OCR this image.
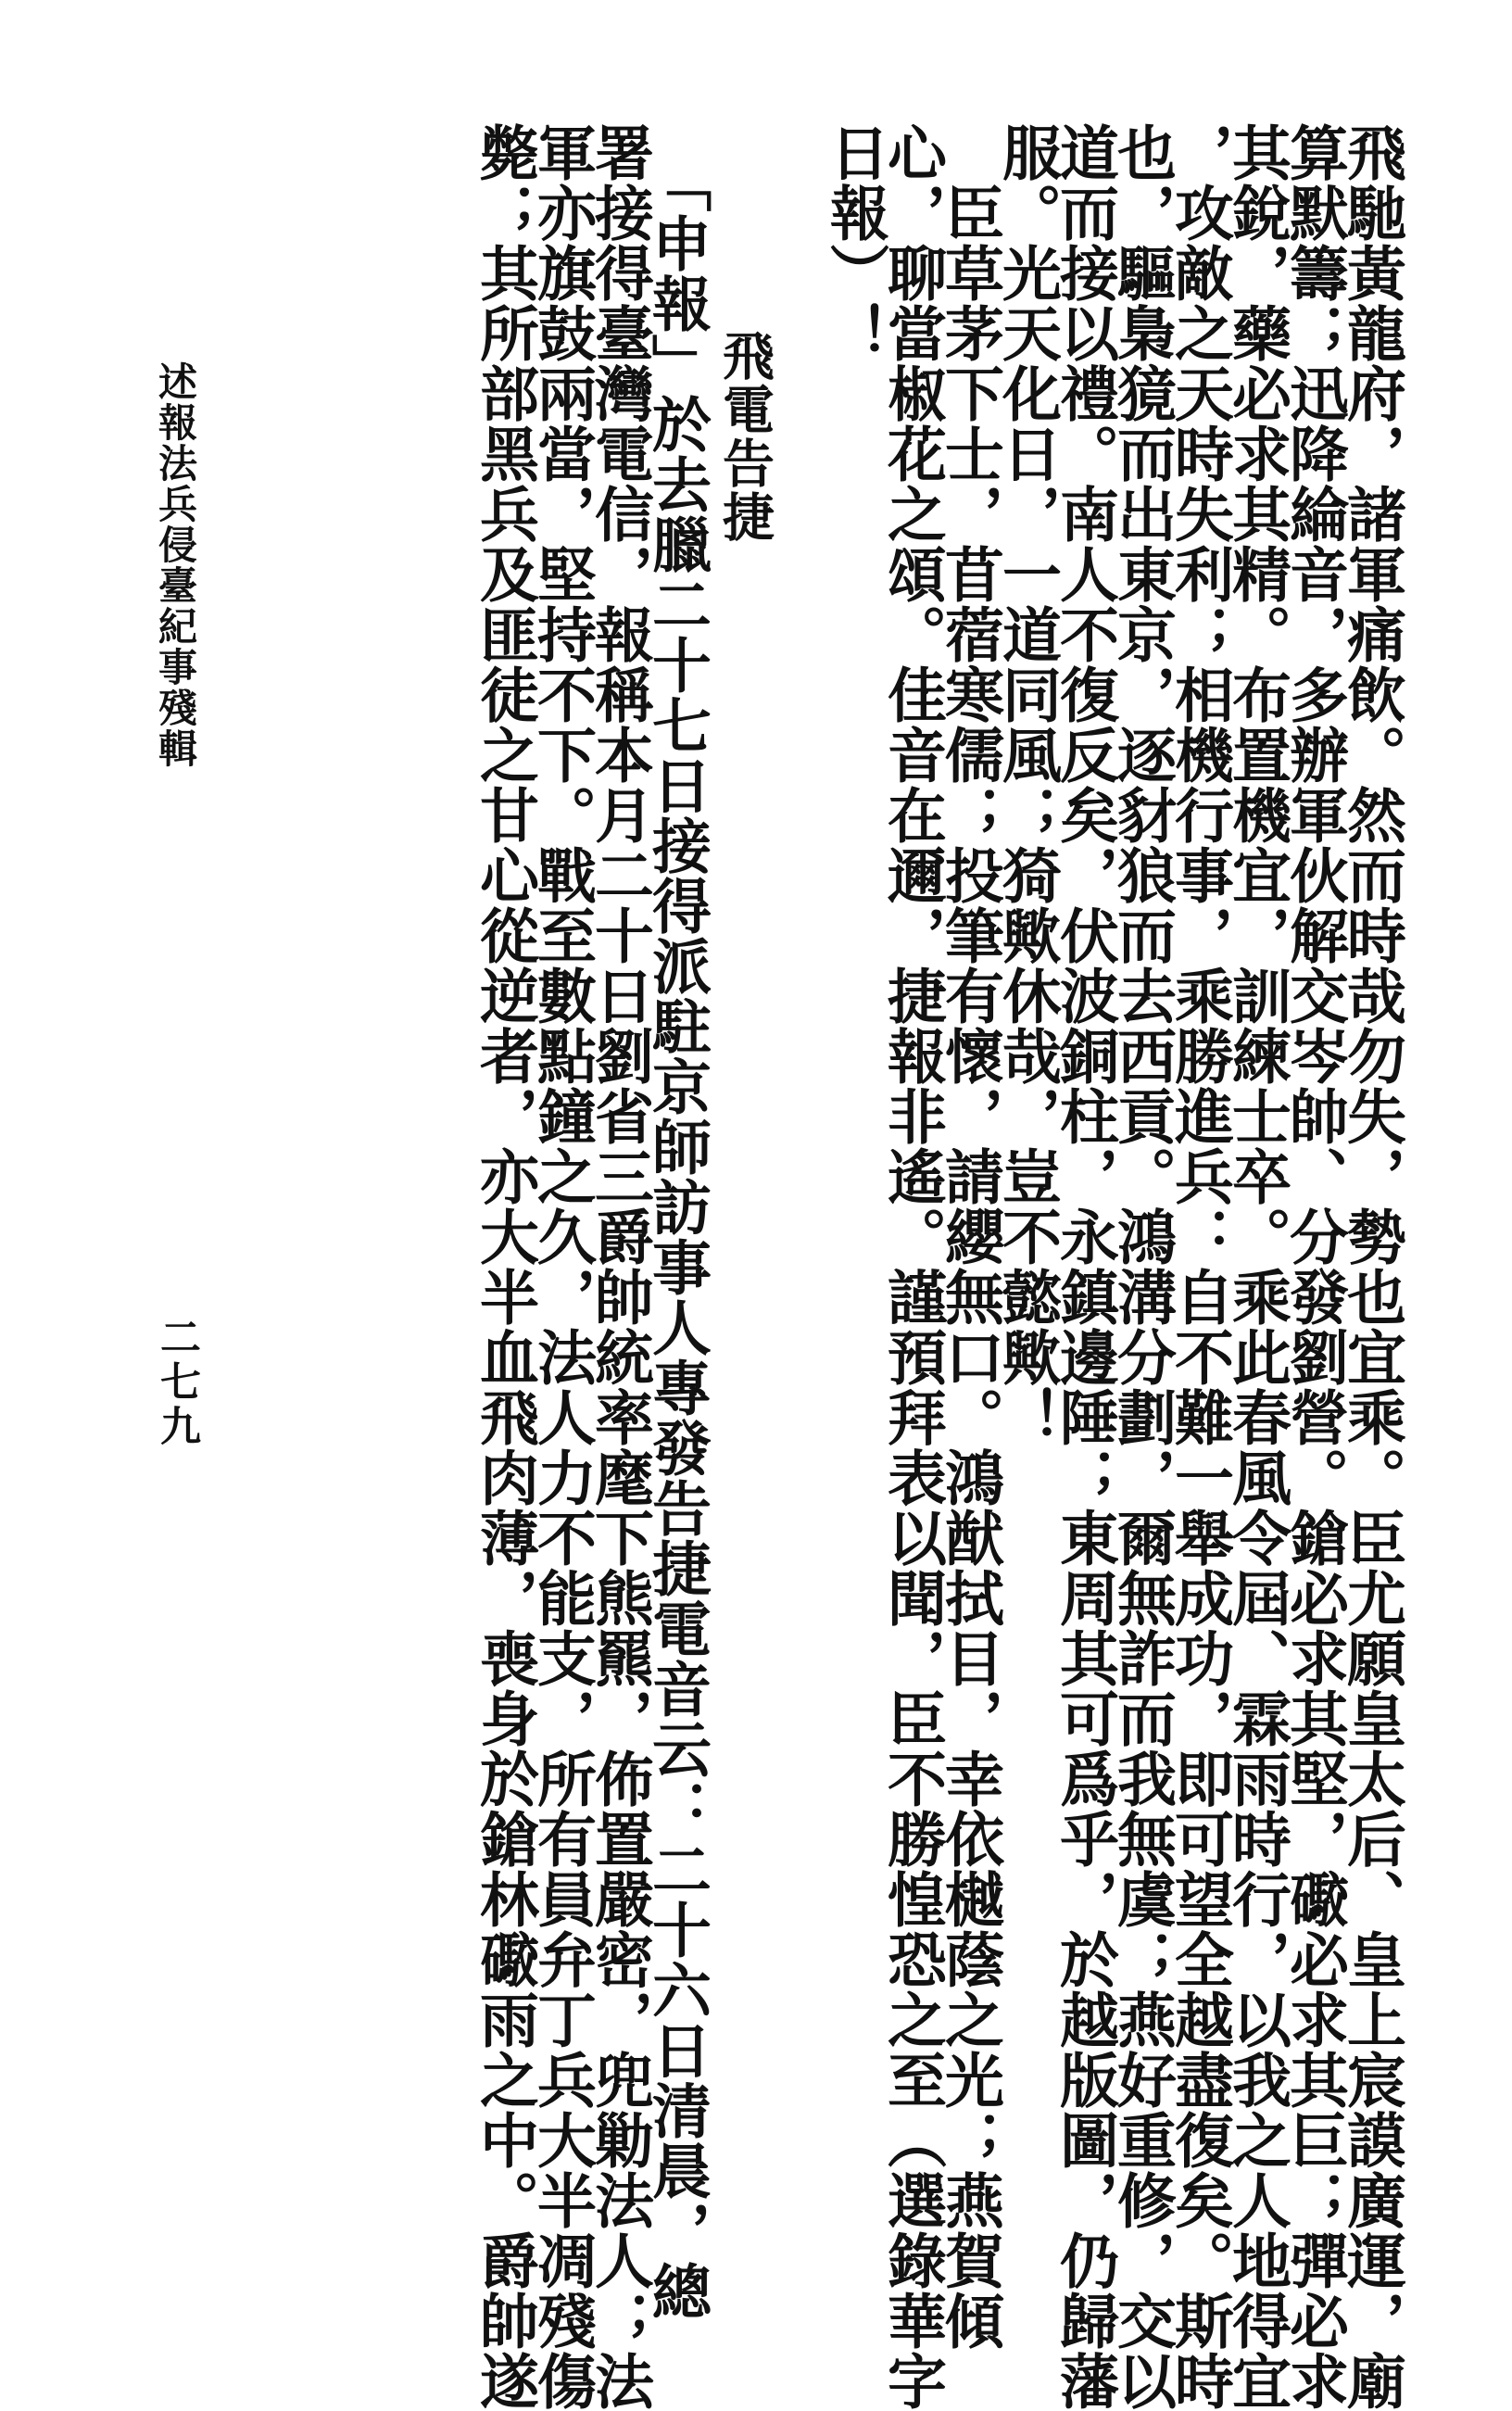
飛馳黃龍府，諸軍痛飲。然而時哉勿失，勢也宜乘。臣尤願皇太后、皇上宸謨廣運，廟
算默籌；迅降綸音，多辦軍伙解交岑帥、分發劉營。鎗必求其堅，礮必求其巨；彈必求
其銳，藥必求其精。布置機宜，訓練士卒。乘此春風令屆、霖雨時行，以我之人地得宜
，攻敵之天時失利；相機行事，乘勝進兵：自不難一舉成功，即可望全越盡復矣。斯時
也，驅梟獍而出東京，逐豺狼而去西貢。鴻溝分劃，爾無詐而我無虞；燕好重修，交以
道而接以禮。南人不復反矣，伏波銅柱，永鎮邊陲；東周其可爲乎，於越版圖，仍歸藩
服。光天化日，一道同風；猗歟休哉，豈不懿歟！
　臣草茅下士，苜蓿寒儒；投筆有懷，請纓無口。鴻猷拭目，幸依樾蔭之光；燕賀傾
心，聊當椒花之頌。佳音在邇，捷報非遙。謹預拜表以聞，臣不勝惶恐之至（選錄華字
日報）！
飛電告捷
　「申報」於去臘二十七日接得派駐京師訪事人專發告捷電音云：二十六日清晨，總
署接得臺灣電信，報稱本月二十日劉省三爵帥統率麾下熊羆，佈置嚴密，兜勦法人；法
軍亦旗鼓兩當，堅持不下。戰至數點鐘之久，法人力不能支，所有員弁丁兵大半凋殘傷
斃；其所部黑兵及匪徒之甘心從逆者，亦大半血飛肉薄，喪身於鎗林礮雨之中。爵帥遂
述報法兵侵臺紀事殘輯
二七九
